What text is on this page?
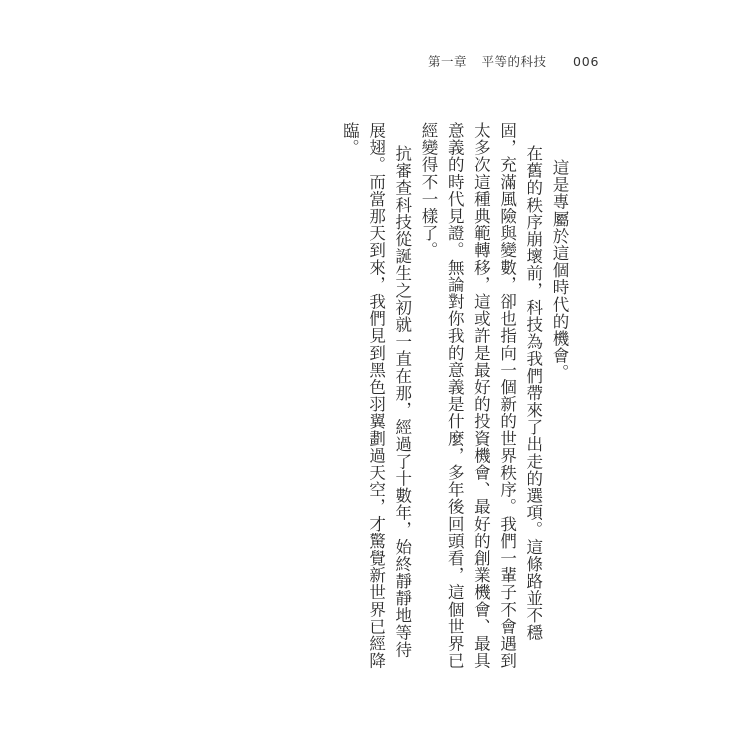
第一章 平等的科技 006

這是專屬於這個時代的機會。

在舊的秩序崩壞前，科技為我們帶來了出走的選項。這條路並不穩固，充滿風險與變數，卻也指向一個新的世界秩序。我們一輩子不會遇到太多次這種典範轉移，這或許是最好的投資機會、最好的創業機會、最具意義的時代見證。無論對你我的意義是什麼，多年後回頭看，這個世界已經變得不一樣了。

抗審查科技從誕生之初就一直在那，經過了十數年，始終靜靜地等待展翅。而當那天到來，我們見到黑色羽翼劃過天空，才驚覺新世界已經降臨。
